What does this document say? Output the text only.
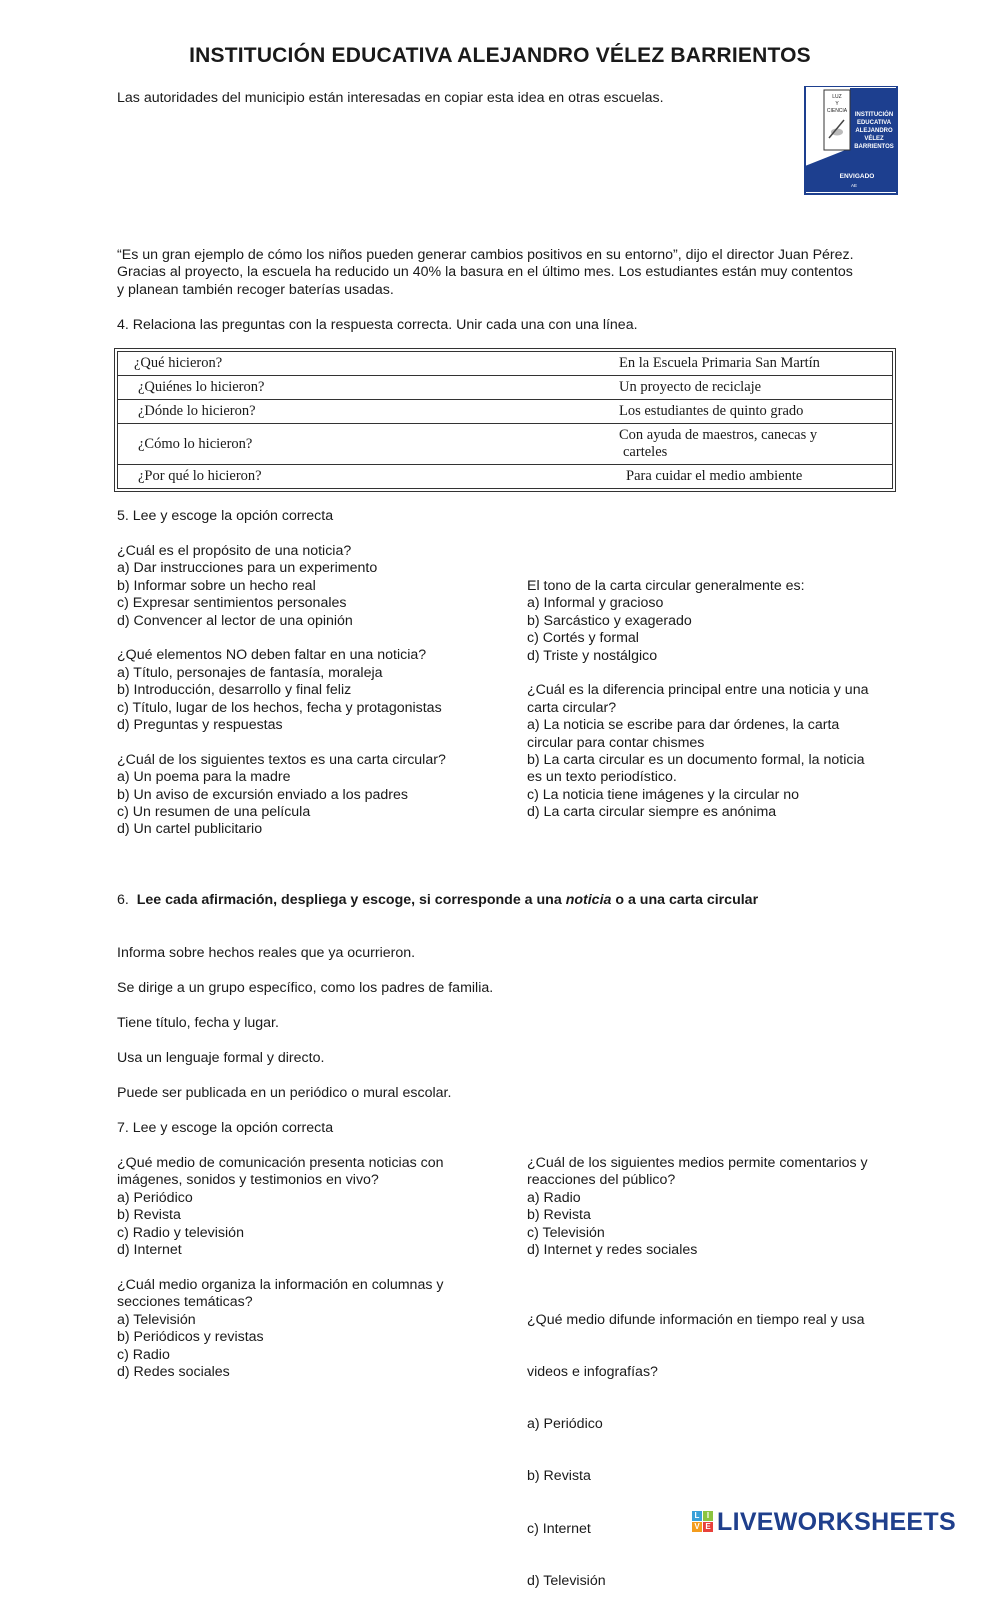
INSTITUCIÓN EDUCATIVA ALEJANDRO VÉLEZ BARRIENTOS
Las autoridades del municipio están interesadas en copiar esta idea en otras escuelas.	LUZ
Y
CIENCIA
INSTITUCIÓN
EDUCATIVA
ALEJANDRO
VÉLEZ
BARRIENTOS
ENVIGADO
AE
“Es un gran ejemplo de cómo los niños pueden generar cambios positivos en su entorno”, dijo el director Juan Pérez.
Gracias al proyecto, la escuela ha reducido un 40% la basura en el último mes. Los estudiantes están muy contentos
y planean también recoger baterías usadas.
4. Relaciona las preguntas con la respuesta correcta. Unir cada una con una línea.
¿Qué hicieron?	En la Escuela Primaria San Martín
¿Quiénes lo hicieron?	Un proyecto de reciclaje
¿Dónde lo hicieron?	Los estudiantes de quinto grado
¿Cómo lo hicieron?	Con ayuda de maestros, canecas y
carteles

¿Por qué lo hicieron?	Para cuidar el medio ambiente
5. Lee y escoge la opción correcta
¿Cuál es el propósito de una noticia?
a) Dar instrucciones para un experimento
b) Informar sobre un hecho real
c) Expresar sentimientos personales
d) Convencer al lector de una opinión
¿Qué elementos NO deben faltar en una noticia?
a) Título, personajes de fantasía, moraleja
b) Introducción, desarrollo y final feliz
c) Título, lugar de los hechos, fecha y protagonistas
d) Preguntas y respuestas
¿Cuál de los siguientes textos es una carta circular?
a) Un poema para la madre
b) Un aviso de excursión enviado a los padres
c) Un resumen de una película
d) Un cartel publicitario
El tono de la carta circular generalmente es:
a) Informal y gracioso
b) Sarcástico y exagerado
c) Cortés y formal
d) Triste y nostálgico
¿Cuál es la diferencia principal entre una noticia y una
carta circular?
a) La noticia se escribe para dar órdenes, la carta
circular para contar chismes
b) La carta circular es un documento formal, la noticia
es un texto periodístico.
c) La noticia tiene imágenes y la circular no
d) La carta circular siempre es anónima
6. Lee cada afirmación, despliega y escoge, si corresponde a una noticia o a una carta circular
Informa sobre hechos reales que ya ocurrieron.
Se dirige a un grupo específico, como los padres de familia.
Tiene título, fecha y lugar.
Usa un lenguaje formal y directo.
Puede ser publicada en un periódico o mural escolar.
7. Lee y escoge la opción correcta
¿Qué medio de comunicación presenta noticias con
imágenes, sonidos y testimonios en vivo?
a) Periódico
b) Revista
c) Radio y televisión
d) Internet
¿Cuál de los siguientes medios permite comentarios y
reacciones del público?
a) Radio
b) Revista
c) Televisión
d) Internet y redes sociales
¿Cuál medio organiza la información en columnas y
secciones temáticas?
a) Televisión
b) Periódicos y revistas
c) Radio
d) Redes sociales

¿Qué medio difunde información en tiempo real y usa

videos e infografías?

a) Periódico

b) Revista

c) Internet

d) Televisión

L I
V E LIVEWORKSHEETS
